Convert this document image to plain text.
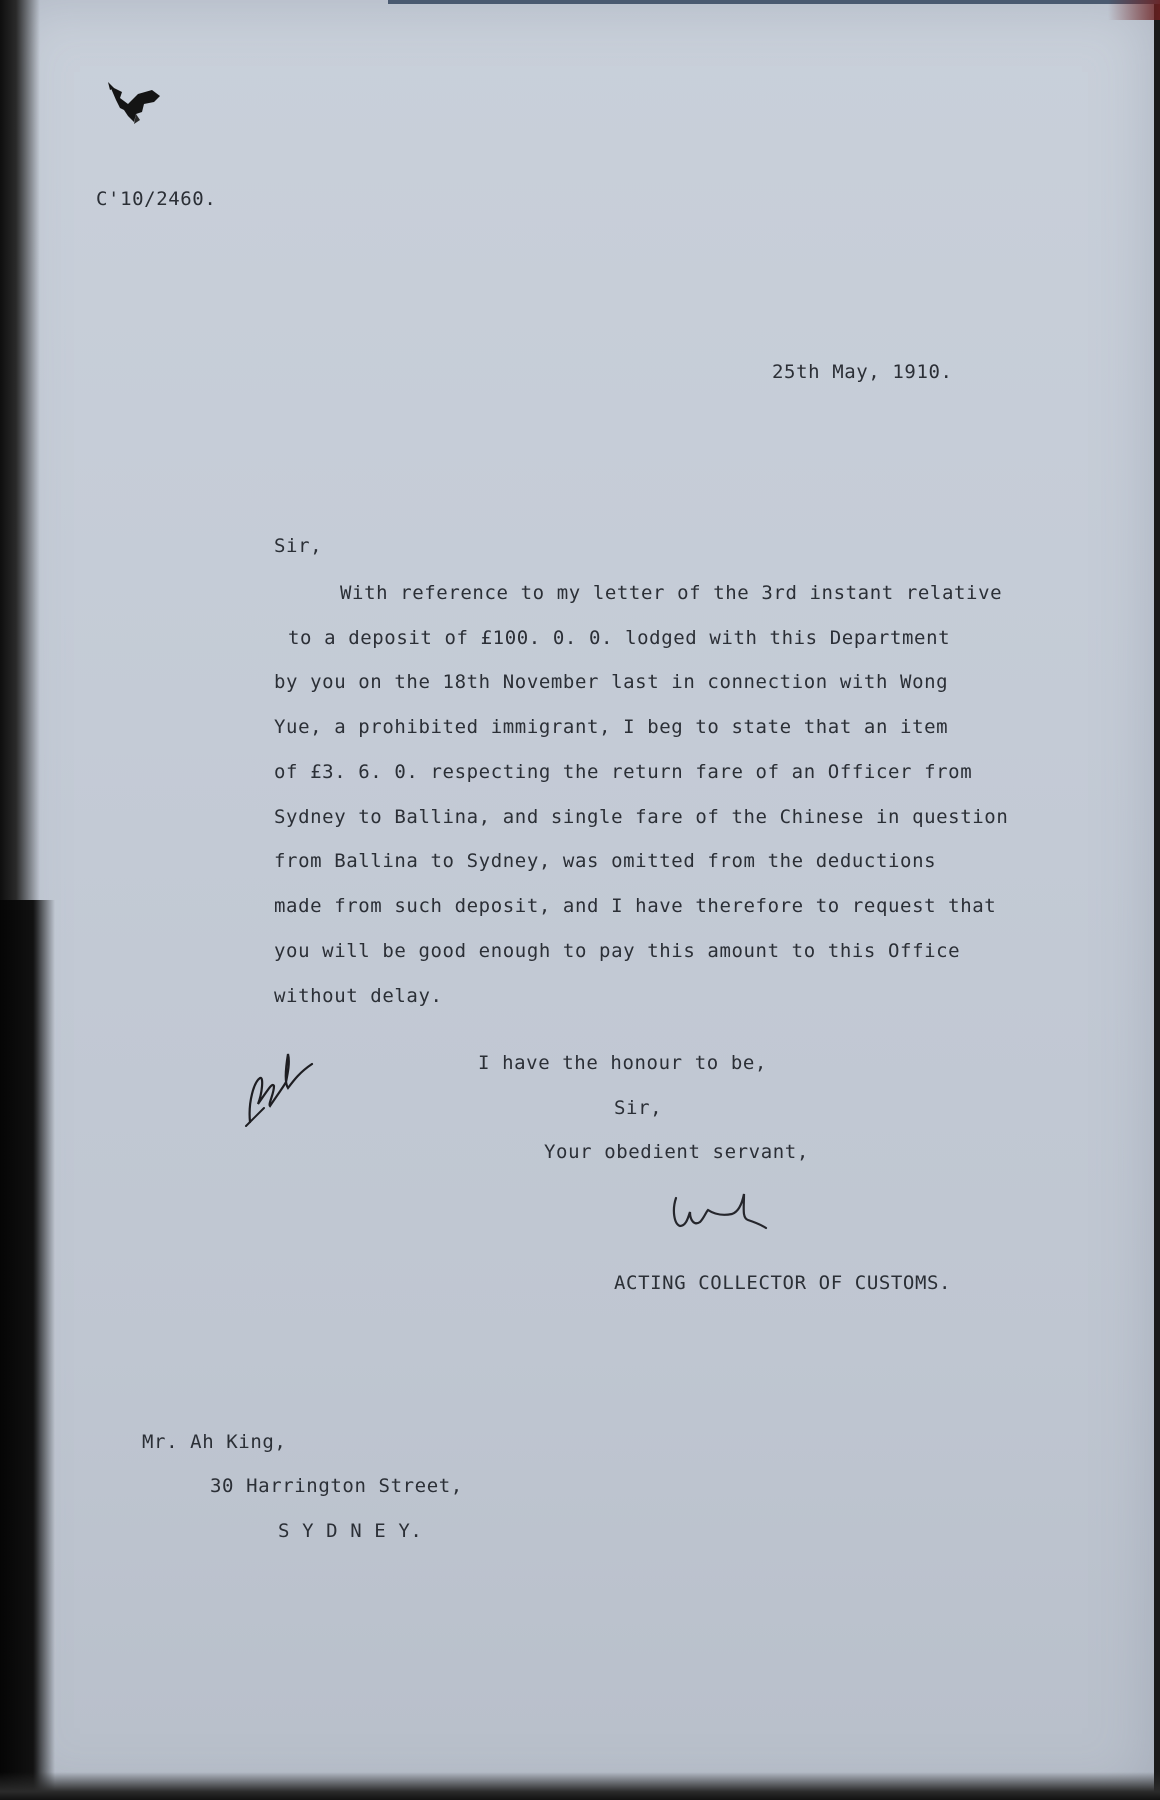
C'10/2460.
25th May, 1910.
Sir,
With reference to my letter of the 3rd instant relative
to a deposit of £100. 0. 0. lodged with this Department
by you on the 18th November last in connection with Wong
Yue, a prohibited immigrant, I beg to state that an item
of £3. 6. 0. respecting the return fare of an Officer from
Sydney to Ballina, and single fare of the Chinese in question
from Ballina to Sydney, was omitted from the deductions
made from such deposit, and I have therefore to request that
you will be good enough to pay this amount to this Office
without delay.
I have the honour to be,
Sir,
Your obedient servant,
ACTING COLLECTOR OF CUSTOMS.
Mr. Ah King,
30 Harrington Street,
S Y D N E Y.
